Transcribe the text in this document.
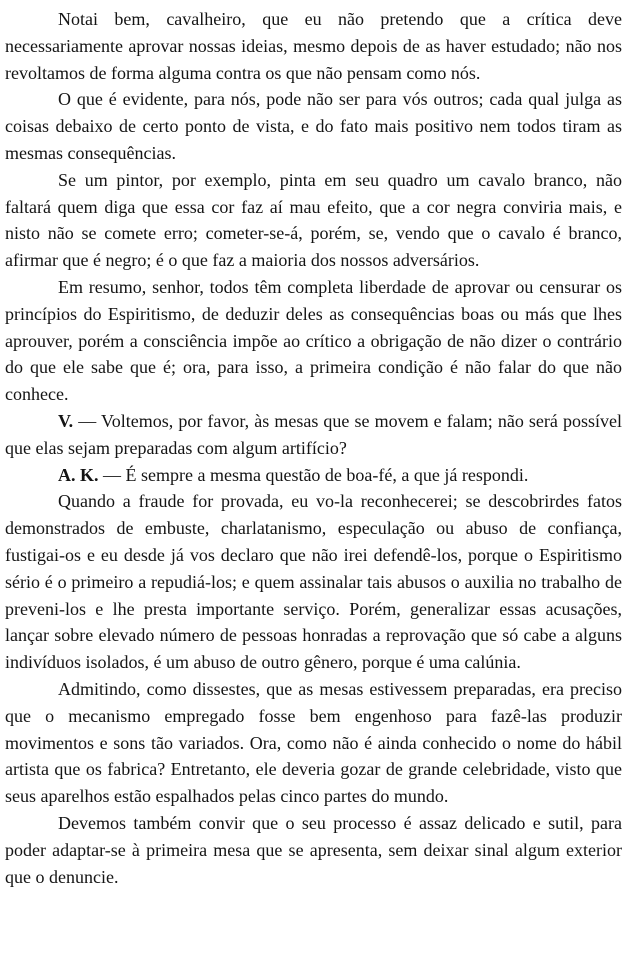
Notai bem, cavalheiro, que eu não pretendo que a crítica deve necessariamente aprovar nossas ideias, mesmo depois de as haver estudado; não nos revoltamos de forma alguma contra os que não pensam como nós.

O que é evidente, para nós, pode não ser para vós outros; cada qual julga as coisas debaixo de certo ponto de vista, e do fato mais positivo nem todos tiram as mesmas consequências.

Se um pintor, por exemplo, pinta em seu quadro um cavalo branco, não faltará quem diga que essa cor faz aí mau efeito, que a cor negra conviria mais, e nisto não se comete erro; cometer-se-á, porém, se, vendo que o cavalo é branco, afirmar que é negro; é o que faz a maioria dos nossos adversários.

Em resumo, senhor, todos têm completa liberdade de aprovar ou censurar os princípios do Espiritismo, de deduzir deles as consequências boas ou más que lhes aprouver, porém a consciência impõe ao crítico a obrigação de não dizer o contrário do que ele sabe que é; ora, para isso, a primeira condição é não falar do que não conhece.

V. — Voltemos, por favor, às mesas que se movem e falam; não será possível que elas sejam preparadas com algum artifício?

A. K. — É sempre a mesma questão de boa-fé, a que já respondi.

Quando a fraude for provada, eu vo-la reconhecerei; se descobrirdes fatos demonstrados de embuste, charlatanismo, especulação ou abuso de confiança, fustigai-os e eu desde já vos declaro que não irei defendê-los, porque o Espiritismo sério é o primeiro a repudiá-los; e quem assinalar tais abusos o auxilia no trabalho de preveni-los e lhe presta importante serviço. Porém, generalizar essas acusações, lançar sobre elevado número de pessoas honradas a reprovação que só cabe a alguns indivíduos isolados, é um abuso de outro gênero, porque é uma calúnia.

Admitindo, como dissestes, que as mesas estivessem preparadas, era preciso que o mecanismo empregado fosse bem engenhoso para fazê-las produzir movimentos e sons tão variados. Ora, como não é ainda conhecido o nome do hábil artista que os fabrica? Entretanto, ele deveria gozar de grande celebridade, visto que seus aparelhos estão espalhados pelas cinco partes do mundo.

Devemos também convir que o seu processo é assaz delicado e sutil, para poder adaptar-se à primeira mesa que se apresenta, sem deixar sinal algum exterior que o denuncie.
